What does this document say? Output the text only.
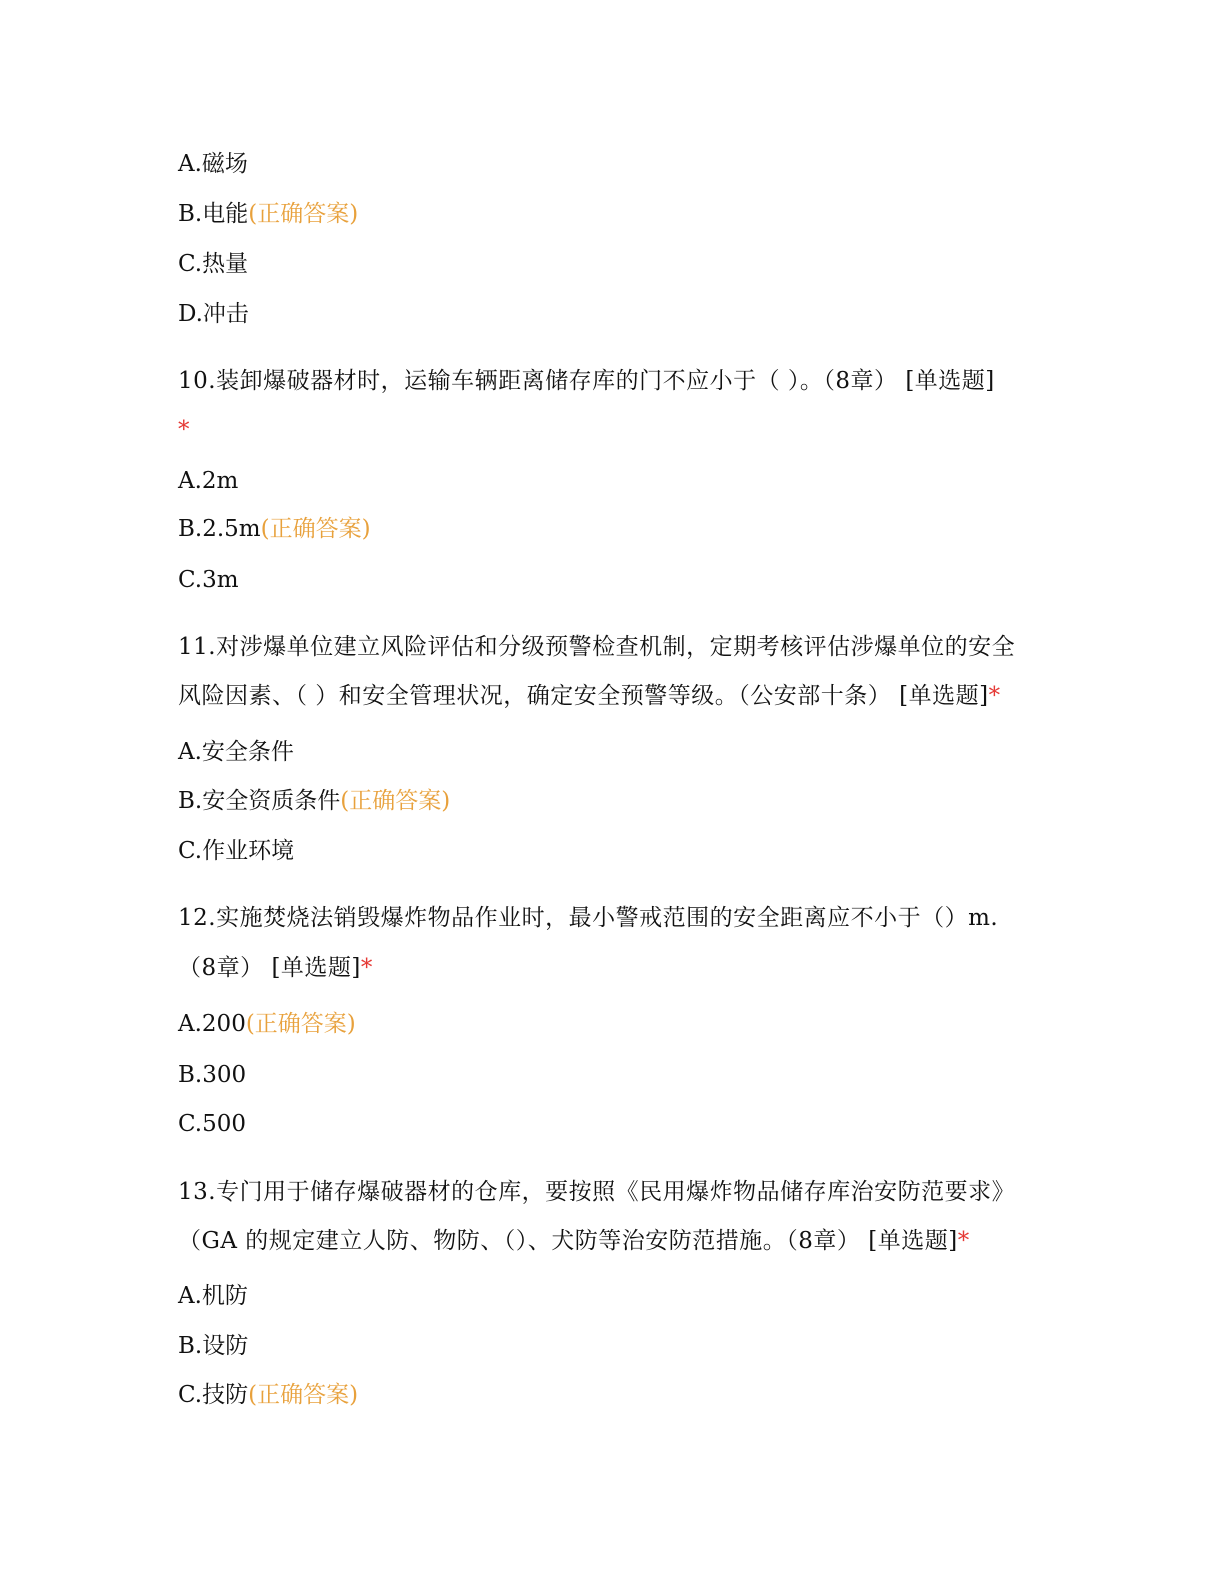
A.磁场
B.电能(正确答案)
C.热量
D.冲击
10.装卸爆破器材时，运输车辆距离储存库的门不应小于（ ）。（8章） [单选题]
*
A.2m
B.2.5m(正确答案)
C.3m
11.对涉爆单位建立风险评估和分级预警检查机制，定期考核评估涉爆单位的安全
风险因素、（ ）和安全管理状况，确定安全预警等级。（公安部十条） [单选题]*
A.安全条件
B.安全资质条件(正确答案)
C.作业环境
12.实施焚烧法销毁爆炸物品作业时，最小警戒范围的安全距离应不小于（）m.
（8章） [单选题]*
A.200(正确答案)
B.300
C.500
13.专门用于储存爆破器材的仓库，要按照《民用爆炸物品储存库治安防范要求》
（GA 的规定建立人防、物防、（）、犬防等治安防范措施。（8章） [单选题]*
A.机防
B.设防
C.技防(正确答案)
